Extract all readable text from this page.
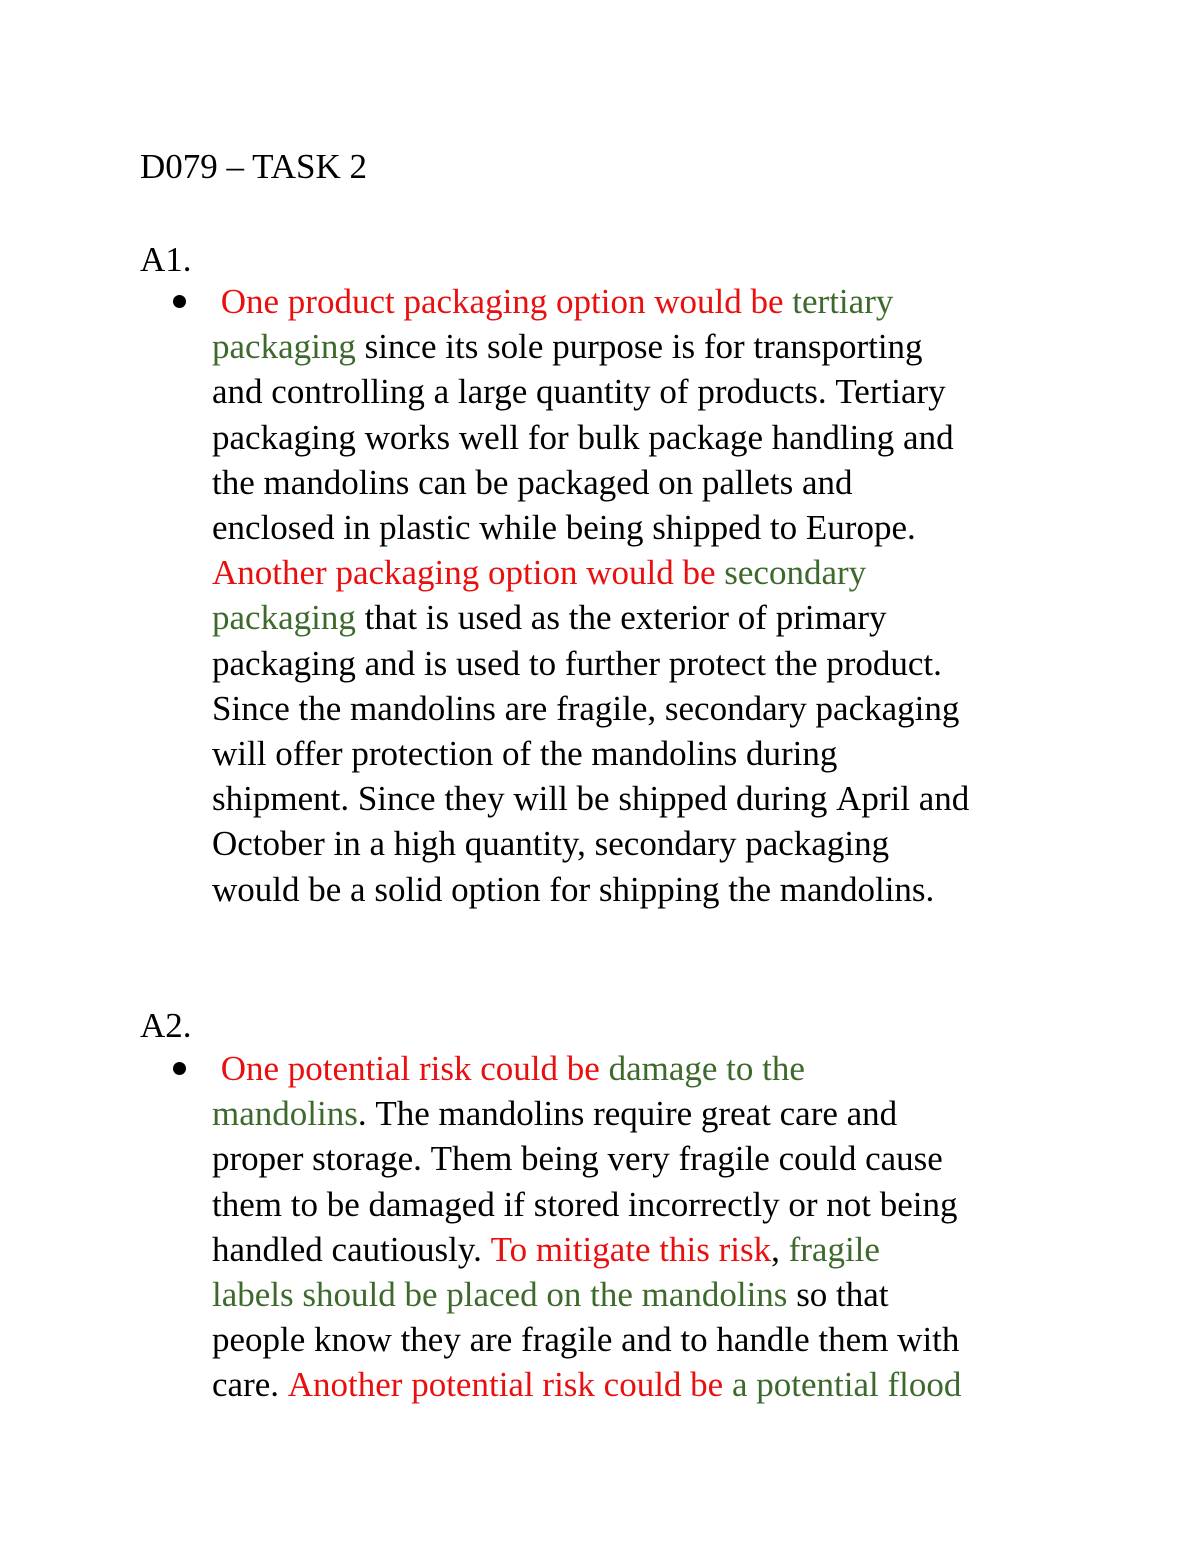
D079 – TASK 2
A1.
One product packaging option would be tertiary
packaging since its sole purpose is for transporting
and controlling a large quantity of products. Tertiary
packaging works well for bulk package handling and
the mandolins can be packaged on pallets and
enclosed in plastic while being shipped to Europe.
Another packaging option would be secondary
packaging that is used as the exterior of primary
packaging and is used to further protect the product.
Since the mandolins are fragile, secondary packaging
will offer protection of the mandolins during
shipment. Since they will be shipped during April and
October in a high quantity, secondary packaging
would be a solid option for shipping the mandolins.
A2.
One potential risk could be damage to the
mandolins. The mandolins require great care and
proper storage. Them being very fragile could cause
them to be damaged if stored incorrectly or not being
handled cautiously. To mitigate this risk, fragile
labels should be placed on the mandolins so that
people know they are fragile and to handle them with
care. Another potential risk could be a potential flood
